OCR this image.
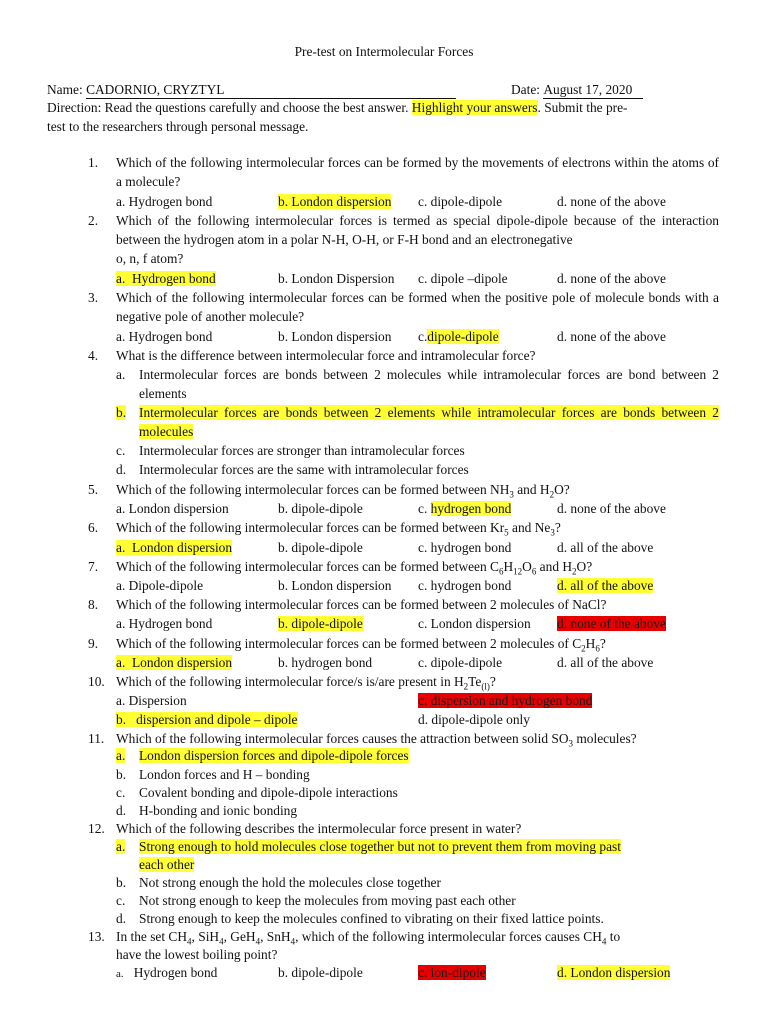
Pre-test on Intermolecular Forces
Name: CADORNIO, CRYZTYL	Date: August 17, 2020
Direction: Read the questions carefully and choose the best answer. Highlight your answers. Submit the pre-
test to the researchers through personal message.
1. Which of the following intermolecular forces can be formed by the movements of electrons within the atoms of a molecule?
a. Hydrogen bond	b. London dispersion c. dipole-dipole	d. none of the above
2. Which of the following intermolecular forces is termed as special dipole-dipole because of the interaction between the hydrogen atom in a polar N-H, O-H, or F-H bond and an electronegative
o, n, f atom?
a. Hydrogen bond	b. London Dispersion c. dipole –dipole	d. none of the above
3. Which of the following intermolecular forces can be formed when the positive pole of molecule bonds with a negative pole of another molecule?
a. Hydrogen bond	b. London dispersion c.dipole-dipole	d. none of the above
4. What is the difference between intermolecular force and intramolecular force?
a. Intermolecular forces are bonds between 2 molecules while intramolecular forces are bond between 2 elements
b. Intermolecular forces are bonds between 2 elements while intramolecular forces are bonds between 2 molecules
c. Intermolecular forces are stronger than intramolecular forces
d. Intermolecular forces are the same with intramolecular forces
5. Which of the following intermolecular forces can be formed between $NH_3$ and $H_2O$?
a. London dispersion	b. dipole-dipole	c. hydrogen bond	d. none of the above
6. Which of the following intermolecular forces can be formed between $Kr_5$ and $Ne_3$?
a. London dispersion	b. dipole-dipole	c. hydrogen bond	d. all of the above
7. Which of the following intermolecular forces can be formed between $C_6H_{12}O_6$ and $H_2O$?
a. Dipole-dipole	b. London dispersion c. hydrogen bond	d. all of the above
8. Which of the following intermolecular forces can be formed between 2 molecules of NaCl?
a. Hydrogen bond	b. dipole-dipole	c. London dispersion d. none of the above
9. Which of the following intermolecular forces can be formed between 2 molecules of $C_2H_6$?
a. London dispersion	b. hydrogen bond	c. dipole-dipole	d. all of the above
10. Which of the following intermolecular force/s is/are present in $H_2Te_{(l)}$?
a. Dispersion	c. dispersion and hydrogen bond
b. dispersion and dipole – dipole	d. dipole-dipole only
11. Which of the following intermolecular forces causes the attraction between solid $SO_3$ molecules?
a. London dispersion forces and dipole-dipole forces
b. London forces and H – bonding
c. Covalent bonding and dipole-dipole interactions
d. H-bonding and ionic bonding
12. Which of the following describes the intermolecular force present in water?
a. Strong enough to hold molecules close together but not to prevent them from moving past
each other
b. Not strong enough the hold the molecules close together
c. Not strong enough to keep the molecules from moving past each other
d. Strong enough to keep the molecules confined to vibrating on their fixed lattice points.
13. In the set $CH_4$, SiH$_4$, GeH$_4$, SnH$_4$, which of the following intermolecular forces causes $CH_4$ to
have the lowest boiling point?
a. Hydrogen bond	b. dipole-dipole	c. ion-dipole	d. London dispersion
